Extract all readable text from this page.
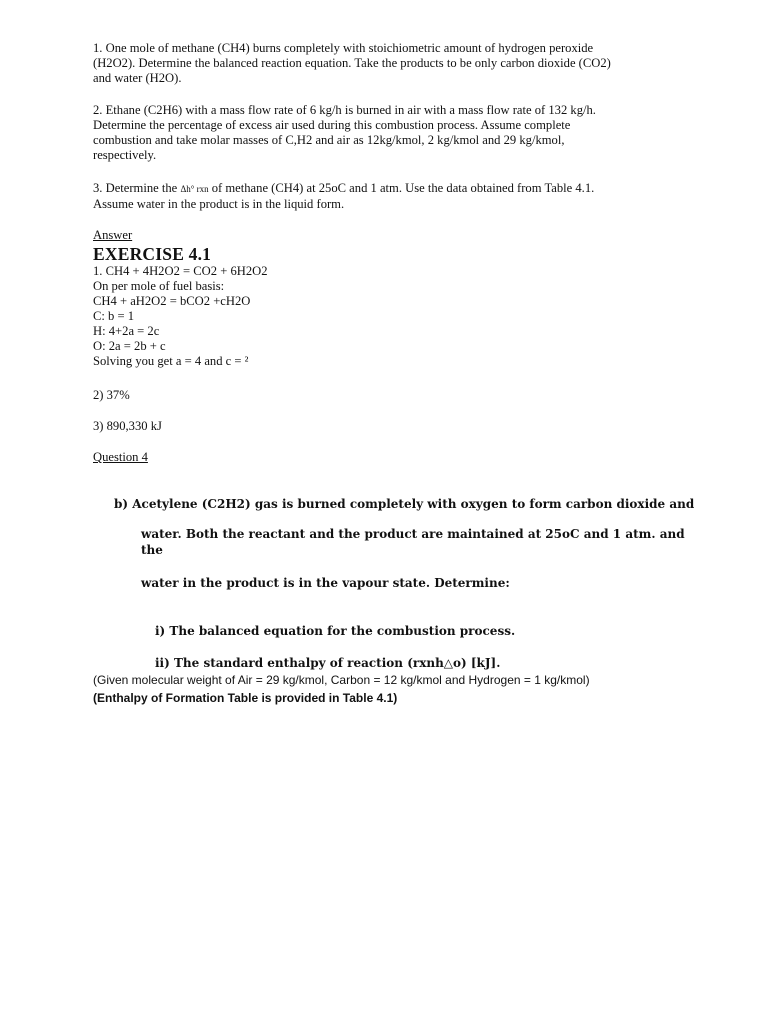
1. One mole of methane (CH4) burns completely with stoichiometric amount of hydrogen peroxide
(H2O2). Determine the balanced reaction equation. Take the products to be only carbon dioxide (CO2)
and water (H2O).
2. Ethane (C2H6) with a mass flow rate of 6 kg/h is burned in air with a mass flow rate of 132 kg/h.
Determine the percentage of excess air used during this combustion process. Assume complete
combustion and take molar masses of C,H2 and air as 12kg/kmol, 2 kg/kmol and 29 kg/kmol,
respectively.
3. Determine the Δh° rxn of methane (CH4) at 25oC and 1 atm. Use the data obtained from Table 4.1.
Assume water in the product is in the liquid form.
Answer
EXERCISE 4.1
1. CH4 + 4H2O2 = CO2 + 6H2O2
On per mole of fuel basis:
CH4 + aH2O2 = bCO2 +cH2O
C: b = 1
H: 4+2a = 2c
O: 2a = 2b + c
Solving you get a = 4 and c = ²
2) 37%
3) 890,330 kJ
Question 4
b) Acetylene (C2H2) gas is burned completely with oxygen to form carbon dioxide and
water. Both the reactant and the product are maintained at 25oC and 1 atm. and
the
water in the product is in the vapour state. Determine:
i) The balanced equation for the combustion process.
ii) The standard enthalpy of reaction (rxnh△o) [kJ].
(Given molecular weight of Air = 29 kg/kmol, Carbon = 12 kg/kmol and Hydrogen = 1 kg/kmol)
(Enthalpy of Formation Table is provided in Table 4.1)
